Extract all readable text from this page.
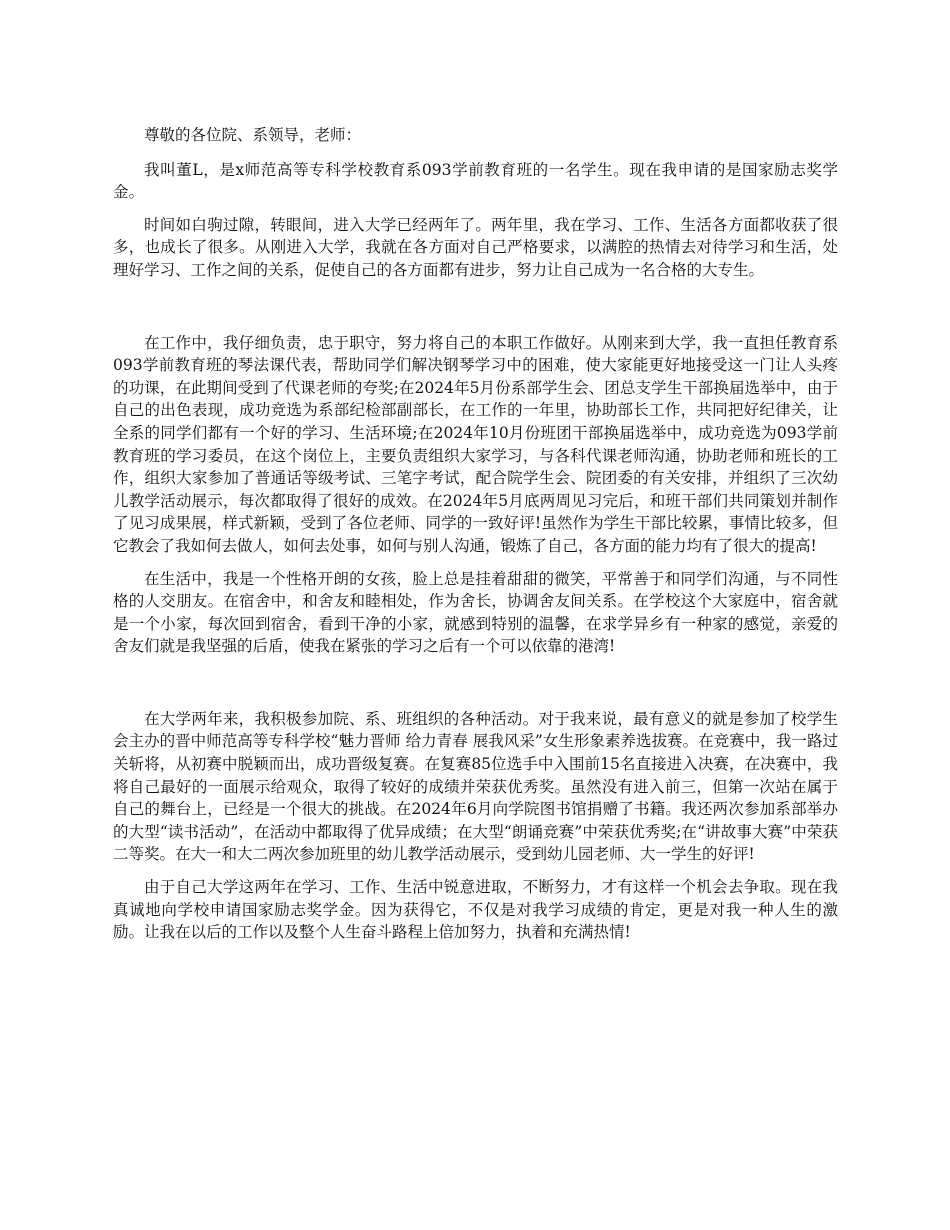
尊敬的各位院、系领导，老师：

我叫董L，是x师范高等专科学校教育系093学前教育班的一名学生。现在我申请的是国家励志奖学金。

时间如白驹过隙，转眼间，进入大学已经两年了。两年里，我在学习、工作、生活各方面都收获了很多，也成长了很多。从刚进入大学，我就在各方面对自己严格要求，以满腔的热情去对待学习和生活，处理好学习、工作之间的关系，促使自己的各方面都有进步，努力让自己成为一名合格的大专生。

在工作中，我仔细负责，忠于职守，努力将自己的本职工作做好。从刚来到大学，我一直担任教育系093学前教育班的琴法课代表，帮助同学们解决钢琴学习中的困难，使大家能更好地接受这一门让人头疼的功课，在此期间受到了代课老师的夸奖;在2024年5月份系部学生会、团总支学生干部换届选举中，由于自己的出色表现，成功竞选为系部纪检部副部长，在工作的一年里，协助部长工作，共同把好纪律关，让全系的同学们都有一个好的学习、生活环境;在2024年10月份班团干部换届选举中，成功竞选为093学前教育班的学习委员，在这个岗位上，主要负责组织大家学习，与各科代课老师沟通，协助老师和班长的工作，组织大家参加了普通话等级考试、三笔字考试，配合院学生会、院团委的有关安排，并组织了三次幼儿教学活动展示，每次都取得了很好的成效。在2024年5月底两周见习完后，和班干部们共同策划并制作了见习成果展，样式新颖，受到了各位老师、同学的一致好评!虽然作为学生干部比较累，事情比较多，但它教会了我如何去做人，如何去处事，如何与别人沟通，锻炼了自己，各方面的能力均有了很大的提高!

在生活中，我是一个性格开朗的女孩，脸上总是挂着甜甜的微笑，平常善于和同学们沟通，与不同性格的人交朋友。在宿舍中，和舍友和睦相处，作为舍长，协调舍友间关系。在学校这个大家庭中，宿舍就是一个小家，每次回到宿舍，看到干净的小家，就感到特别的温馨，在求学异乡有一种家的感觉，亲爱的舍友们就是我坚强的后盾，使我在紧张的学习之后有一个可以依靠的港湾!

在大学两年来，我积极参加院、系、班组织的各种活动。对于我来说，最有意义的就是参加了校学生会主办的晋中师范高等专科学校“魅力晋师 给力青春 展我风采”女生形象素养选拔赛。在竞赛中，我一路过关斩将，从初赛中脱颖而出，成功晋级复赛。在复赛85位选手中入围前15名直接进入决赛，在决赛中，我将自己最好的一面展示给观众，取得了较好的成绩并荣获优秀奖。虽然没有进入前三，但第一次站在属于自己的舞台上，已经是一个很大的挑战。在2024年6月向学院图书馆捐赠了书籍。我还两次参加系部举办的大型“读书活动”，在活动中都取得了优异成绩；在大型“朗诵竞赛”中荣获优秀奖;在“讲故事大赛”中荣获二等奖。在大一和大二两次参加班里的幼儿教学活动展示，受到幼儿园老师、大一学生的好评!

由于自己大学这两年在学习、工作、生活中锐意进取，不断努力，才有这样一个机会去争取。现在我真诚地向学校申请国家励志奖学金。因为获得它，不仅是对我学习成绩的肯定，更是对我一种人生的激励。让我在以后的工作以及整个人生奋斗路程上倍加努力，执着和充满热情!
